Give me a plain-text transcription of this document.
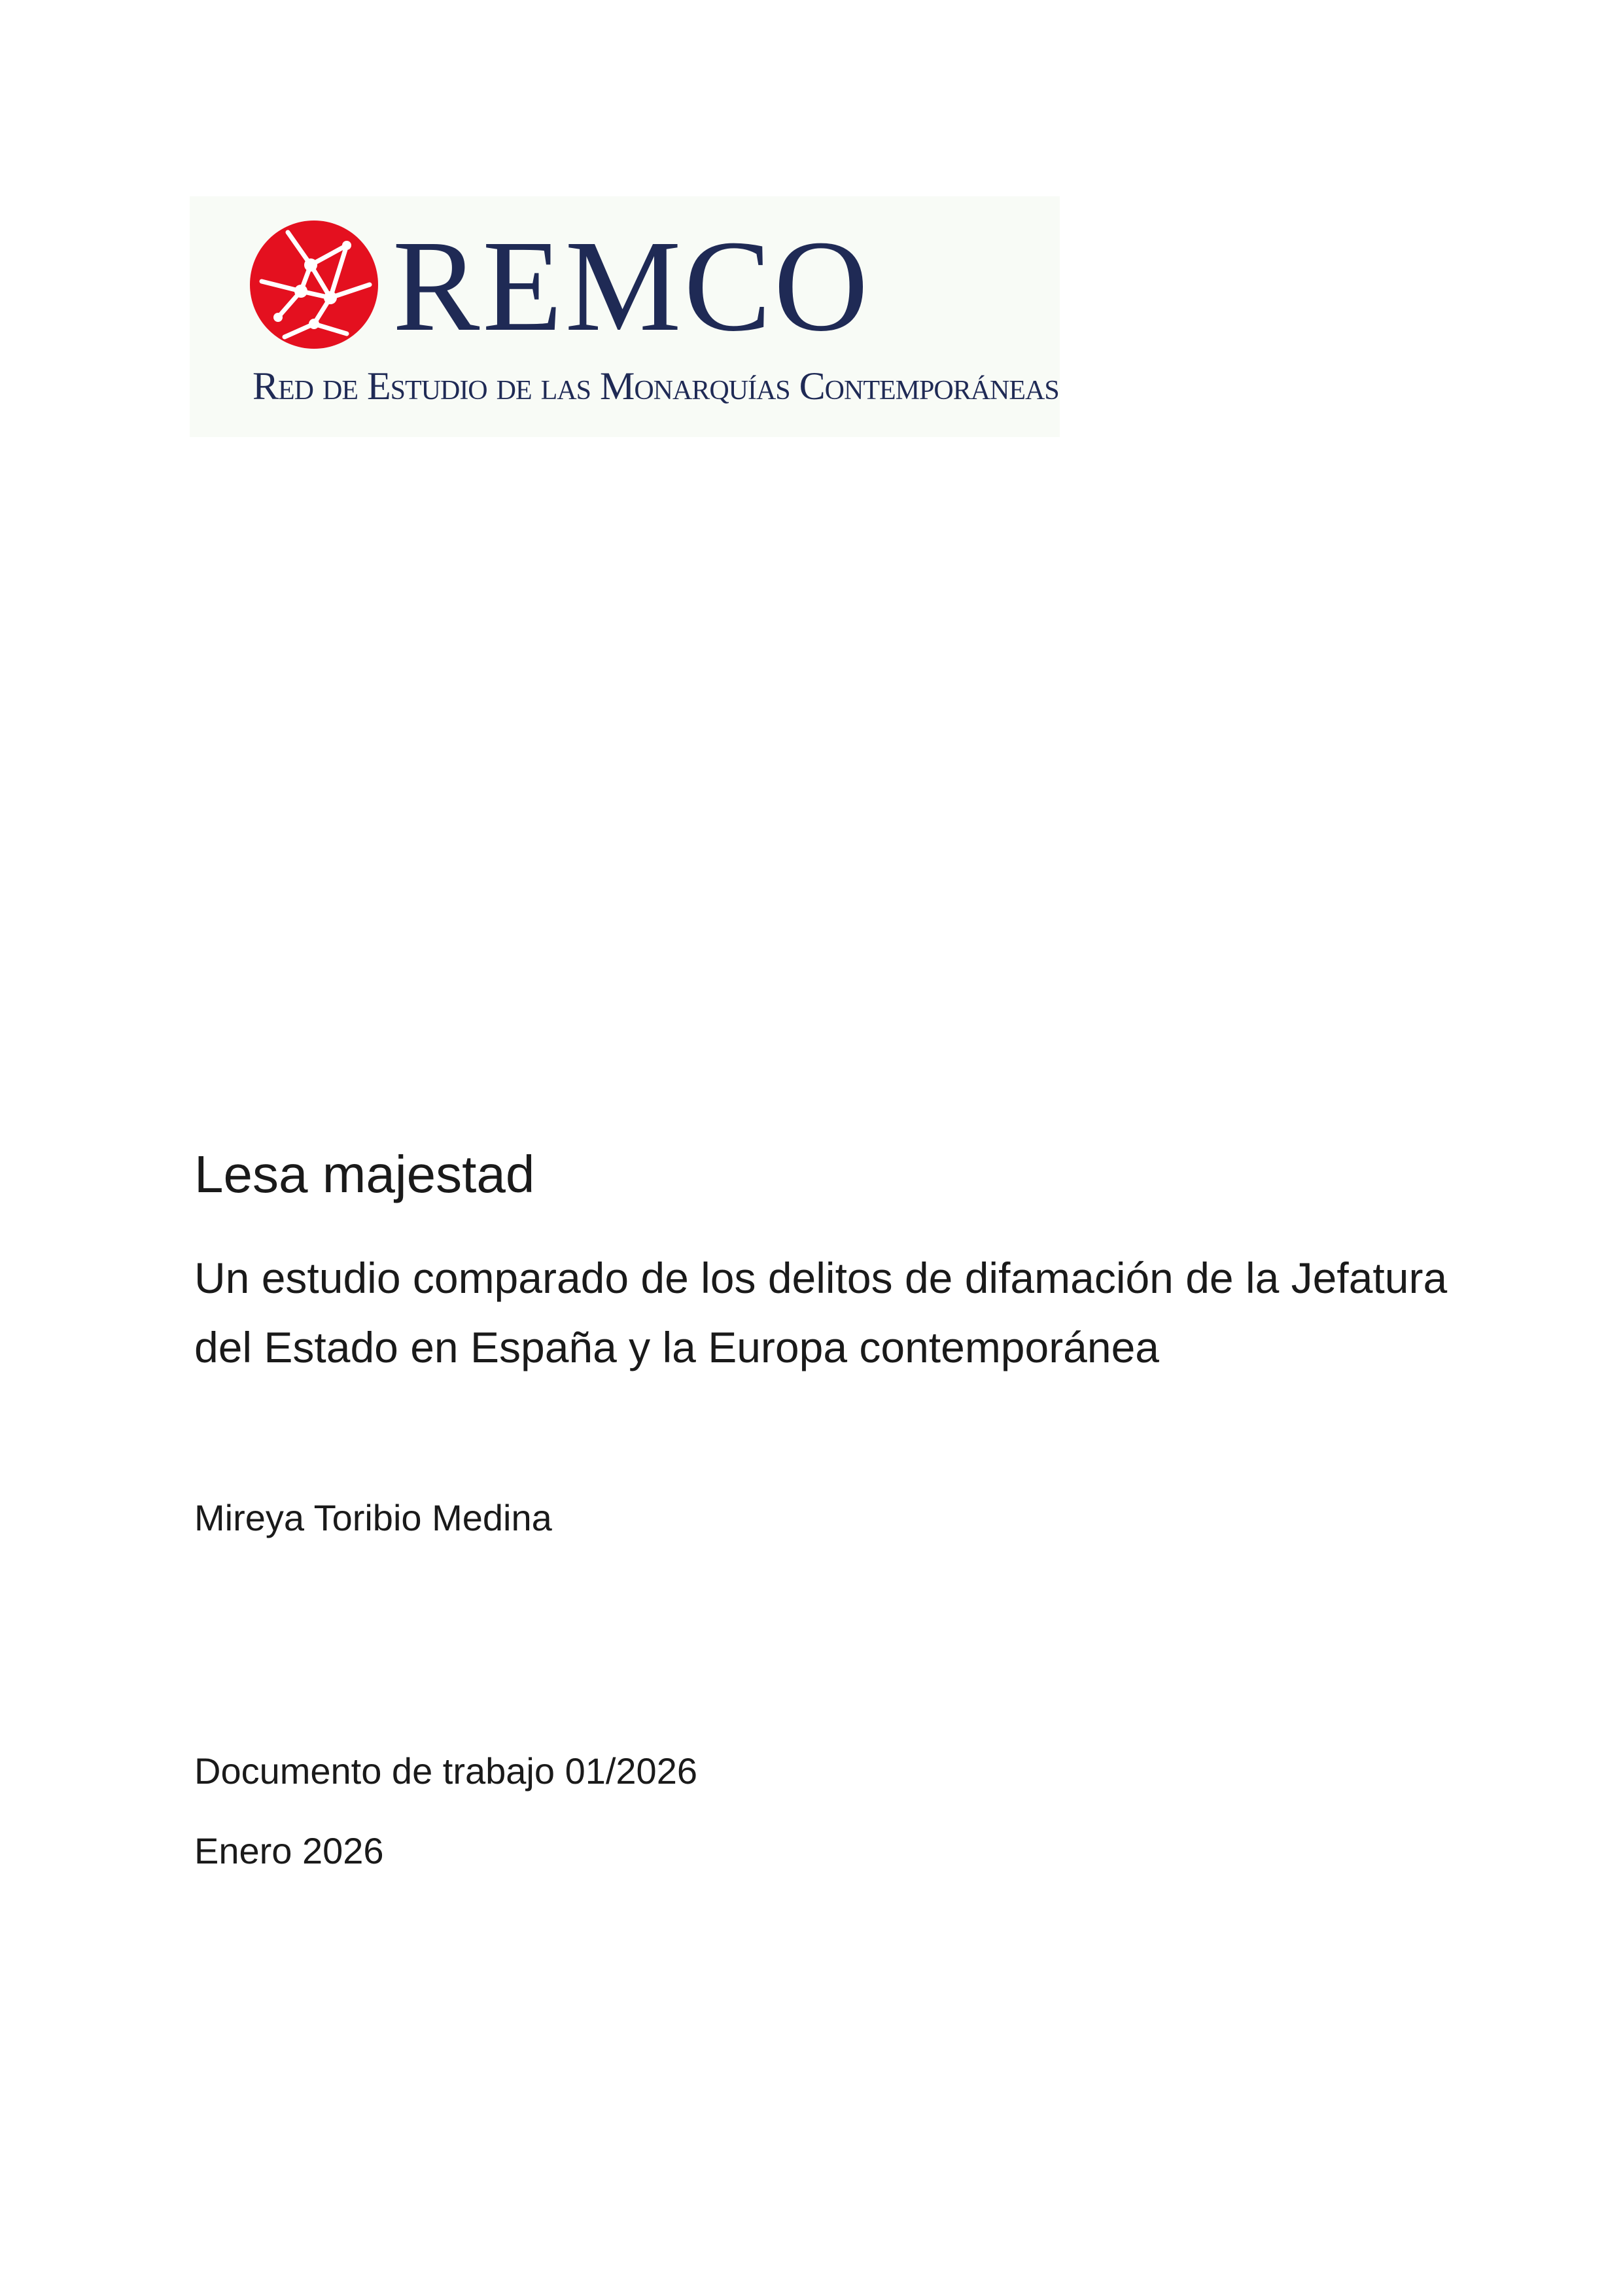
REMCO
Red de Estudio de las Monarquías Contemporáneas
Lesa majestad
Un estudio comparado de los delitos de difamación de la Jefatura del Estado en España y la Europa contemporánea
Mireya Toribio Medina
Documento de trabajo 01/2026
Enero 2026
